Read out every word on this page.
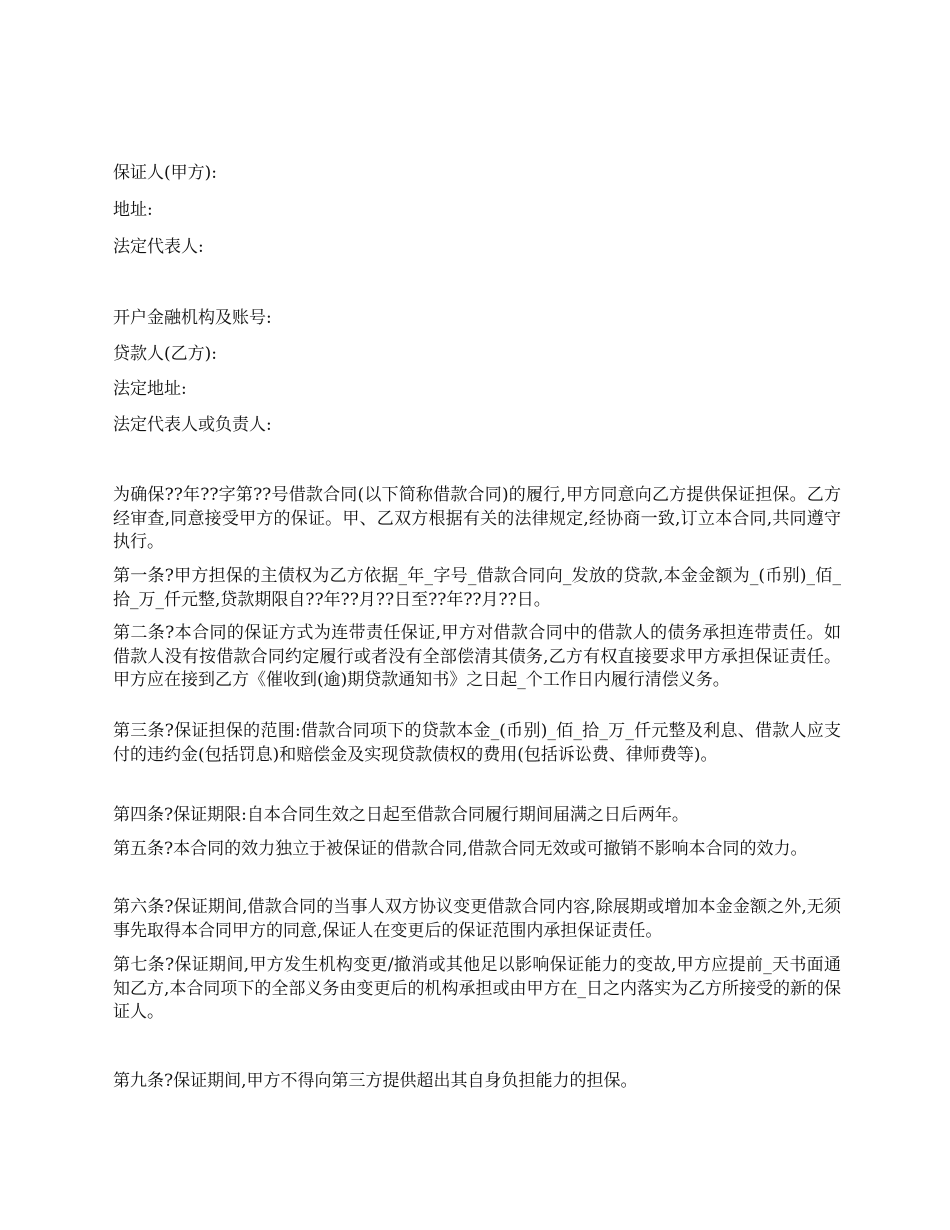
保证人(甲方):
地址:
法定代表人:
开户金融机构及账号:
贷款人(乙方):
法定地址:
法定代表人或负责人:
为确保??年??字第??号借款合同(以下简称借款合同)的履行,甲方同意向乙方提供保证担保。乙方经审查,同意接受甲方的保证。甲、乙双方根据有关的法律规定,经协商一致,订立本合同,共同遵守执行。
第一条?甲方担保的主债权为乙方依据_年_字号_借款合同向_发放的贷款,本金金额为_(币别)_佰_拾_万_仟元整,贷款期限自??年??月??日至??年??月??日。
第二条?本合同的保证方式为连带责任保证,甲方对借款合同中的借款人的债务承担连带责任。如借款人没有按借款合同约定履行或者没有全部偿清其债务,乙方有权直接要求甲方承担保证责任。甲方应在接到乙方《催收到(逾)期贷款通知书》之日起_个工作日内履行清偿义务。
第三条?保证担保的范围:借款合同项下的贷款本金_(币别)_佰_拾_万_仟元整及利息、借款人应支付的违约金(包括罚息)和赔偿金及实现贷款债权的费用(包括诉讼费、律师费等)。
第四条?保证期限:自本合同生效之日起至借款合同履行期间届满之日后两年。
第五条?本合同的效力独立于被保证的借款合同,借款合同无效或可撤销不影响本合同的效力。
第六条?保证期间,借款合同的当事人双方协议变更借款合同内容,除展期或增加本金金额之外,无须事先取得本合同甲方的同意,保证人在变更后的保证范围内承担保证责任。
第七条?保证期间,甲方发生机构变更/撤消或其他足以影响保证能力的变故,甲方应提前_天书面通知乙方,本合同项下的全部义务由变更后的机构承担或由甲方在_日之内落实为乙方所接受的新的保证人。
第九条?保证期间,甲方不得向第三方提供超出其自身负担能力的担保。
